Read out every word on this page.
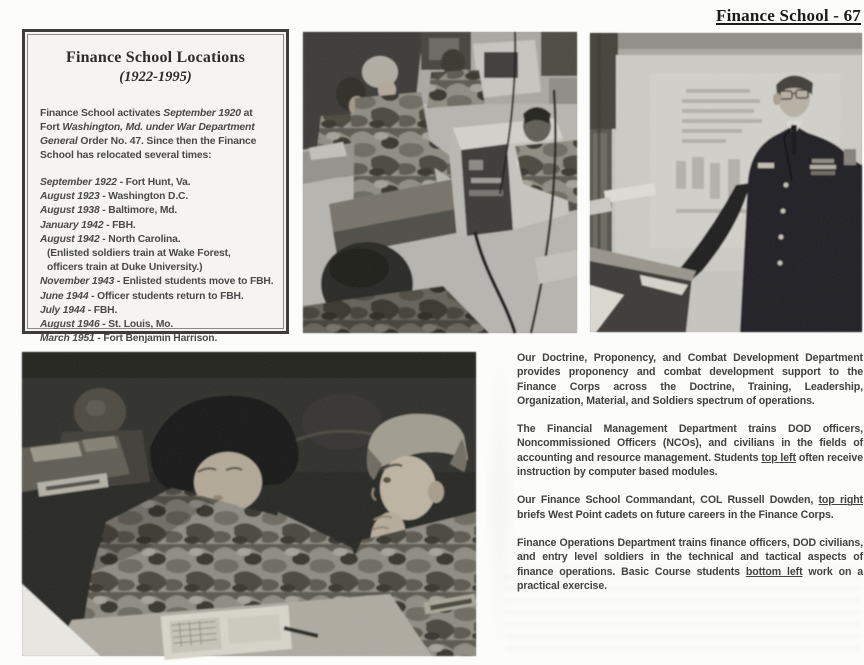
Finance School - 67
Finance School Locations
(1922-1995)

Finance School activates September 1920 at Fort Washington, Md. under War Department General Order No. 47. Since then the Finance School has relocated several times:

September 1922 - Fort Hunt, Va.
August 1923 - Washington D.C.
August 1938 - Baltimore, Md.
January 1942 - FBH.
August 1942 - North Carolina.
(Enlisted soldiers train at Wake Forest,
officers train at Duke University.)
November 1943 - Enlisted students move to FBH.
June 1944 - Officer students return to FBH.
July 1944 - FBH.
August 1946 - St. Louis, Mo.
March 1951 - Fort Benjamin Harrison.

Our Doctrine, Proponency, and Combat Development Department provides proponency and combat development support to the Finance Corps across the Doctrine, Training, Leadership, Organization, Material, and Soldiers spectrum of operations.

The Financial Management Department trains DOD officers, Noncommissioned Officers (NCOs), and civilians in the fields of accounting and resource management. Students top left often receive instruction by computer based modules.

Our Finance School Commandant, COL Russell Dowden, top right briefs West Point cadets on future careers in the Finance Corps.

Finance Operations Department trains finance officers, DOD civilians, and entry level soldiers in the technical and tactical aspects of finance operations. Basic Course students bottom left work on a practical exercise.
